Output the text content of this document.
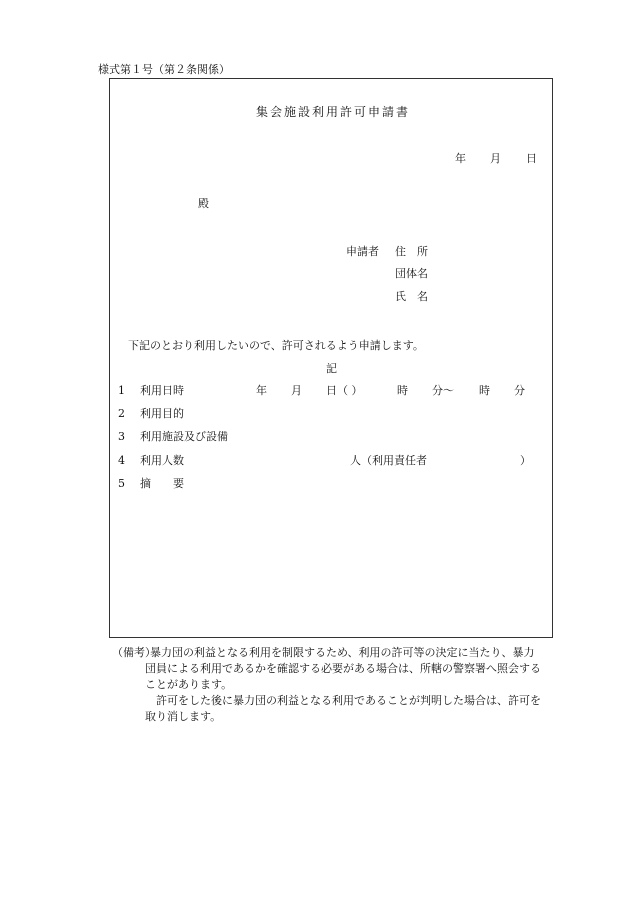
様式第１号（第２条関係）
集会施設利用許可申請書
年 月 日
殿
申請者 住　所
団体名
氏　名
下記のとおり利用したいので、許可されるよう申請します。
記
1 利用日時	年 月 日（ ）	時 分～ 時 分
2 利用目的
3 利用施設及び設備
4 利用人数	人（利用責任者	）
5 摘　　要
（備考）
暴力団の利益となる利用を制限するため、利用の許可等の決定に当たり、暴力
団員による利用であるかを確認する必要がある場合は、所轄の警察署へ照会する
ことがあります。
許可をした後に暴力団の利益となる利用であることが判明した場合は、許可を
取り消します。
